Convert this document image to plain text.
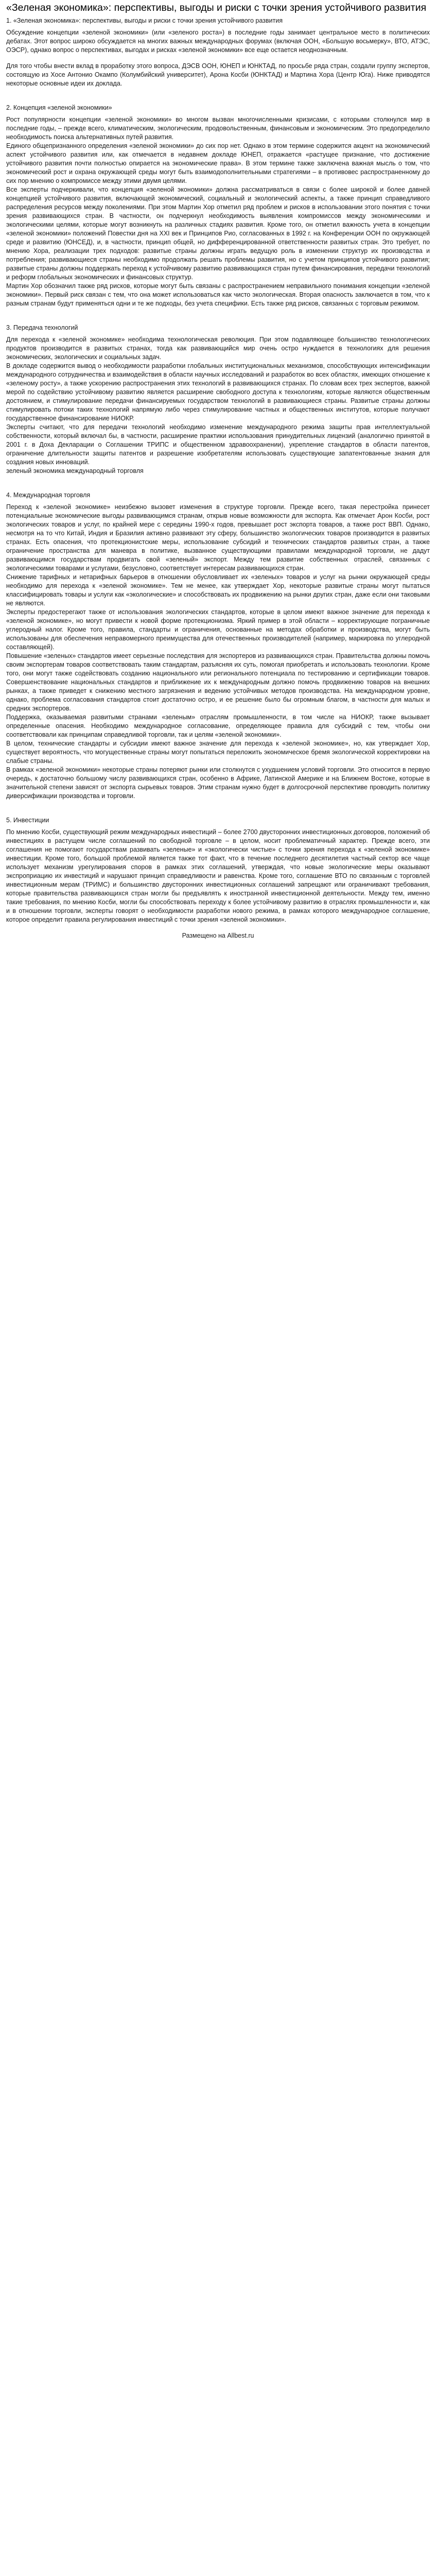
«Зеленая экономика»: перспективы, выгоды и риски с точки зрения устойчивого развития
1. «Зеленая экономика»: перспективы, выгоды и риски с точки зрения устойчивого развития

Обсуждение концепции «зеленой экономики» (или «зеленого роста») в последние годы занимает центральное место в политических дебатах. Этот вопрос широко обсуждается на многих важных международных форумах (включая ООН, «Большую восьмерку», ВТО, АТЭС, ОЭСР), однако вопрос о перспективах, выгодах и рисках «зеленой экономики» все еще остается неоднозначным.

Для того чтобы внести вклад в проработку этого вопроса, ДЭСВ ООН, ЮНЕП и ЮНКТАД, по просьбе ряда стран, создали группу экспертов, состоящую из Хосе Антонио Окампо (Колумбийский университет), Арона Косби (ЮНКТАД) и Мартина Хора (Центр Юга). Ниже приводятся некоторые основные идеи их доклада.

2. Концепция «зеленой экономики»

Рост популярности концепции «зеленой экономики» во многом вызван многочисленными кризисами, с которыми столкнулся мир в последние годы, – прежде всего, климатическим, экологическим, продовольственным, финансовым и экономическим. Это предопределило необходимость поиска альтернативных путей развития.

Единого общепризнанного определения «зеленой экономики» до сих пор нет. Однако в этом термине содержится акцент на экономический аспект устойчивого развития или, как отмечается в недавнем докладе ЮНЕП, отражается «растущее признание, что достижение устойчивого развития почти полностью опирается на экономические права». В этом термине также заключена важная мысль о том, что экономический рост и охрана окружающей среды могут быть взаимодополнительными стратегиями – в противовес распространенному до сих пор мнению о компромиссе между этими двумя целями.

Все эксперты подчеркивали, что концепция «зеленой экономики» должна рассматриваться в связи с более широкой и более давней концепцией устойчивого развития, включающей экономический, социальный и экологический аспекты, а также принцип справедливого распределения ресурсов между поколениями. При этом Мартин Хор отметил ряд проблем и рисков в использовании этого понятия с точки зрения развивающихся стран. В частности, он подчеркнул необходимость выявления компромиссов между экономическими и экологическими целями, которые могут возникнуть на различных стадиях развития. Кроме того, он отметил важность учета в концепции «зеленой экономики» положений Повестки дня на XXI век и Принципов Рио, согласованных в 1992 г. на Конференции ООН по окружающей среде и развитию (ЮНСЕД), и, в частности, принцип общей, но дифференцированной ответственности развитых стран. Это требует, по мнению Хора, реализации трех подходов: развитые страны должны играть ведущую роль в изменении структур их производства и потребления; развивающиеся страны необходимо продолжать решать проблемы развития, но с учетом принципов устойчивого развития; развитые страны должны поддержать переход к устойчивому развитию развивающихся стран путем финансирования, передачи технологий и реформ глобальных экономических и финансовых структур.

Мартин Хор обозначил также ряд рисков, которые могут быть связаны с распространением неправильного понимания концепции «зеленой экономики». Первый риск связан с тем, что она может использоваться как чисто экологическая. Вторая опасность заключается в том, что к разным странам будут применяться одни и те же подходы, без учета специфики. Есть также ряд рисков, связанных с торговым режимом.

3. Передача технологий

Для перехода к «зеленой экономике» необходима технологическая революция. При этом подавляющее большинство технологических продуктов производится в развитых странах, тогда как развивающийся мир очень остро нуждается в технологиях для решения экономических, экологических и социальных задач.

В докладе содержится вывод о необходимости разработки глобальных институциональных механизмов, способствующих интенсификации международного сотрудничества и взаимодействия в области научных исследований и разработок во всех областях, имеющих отношение к «зеленому росту», а также ускорению распространения этих технологий в развивающихся странах. По словам всех трех экспертов, важной мерой по содействию устойчивому развитию является расширение свободного доступа к технологиям, которые являются общественным достоянием, и стимулирование передачи финансируемых государством технологий в развивающиеся страны. Развитые страны должны стимулировать потоки таких технологий напрямую либо через стимулирование частных и общественных институтов, которые получают государственное финансирование НИОКР.

Эксперты считают, что для передачи технологий необходимо изменение международного режима защиты прав интеллектуальной собственности, который включал бы, в частности, расширение практики использования принудительных лицензий (аналогично принятой в 2001 г. в Доха Декларации о Соглашении ТРИПС и общественном здравоохранении), укрепление стандартов в области патентов, ограничение длительности защиты патентов и разрешение изобретателям использовать существующие запатентованные знания для создания новых инноваций.

зеленый экономика международный торговля

4. Международная торговля

Переход к «зеленой экономике» неизбежно вызовет изменения в структуре торговли. Прежде всего, такая перестройка принесет потенциальные экономические выгоды развивающимся странам, открыв новые возможности для экспорта. Как отмечает Арон Косби, рост экологических товаров и услуг, по крайней мере с середины 1990-х годов, превышает рост экспорта товаров, а также рост ВВП. Однако, несмотря на то что Китай, Индия и Бразилия активно развивают эту сферу, большинство экологических товаров производится в развитых странах. Есть опасения, что протекционистские меры, использование субсидий и технических стандартов развитых стран, а также ограничение пространства для маневра в политике, вызванное существующими правилами международной торговли, не дадут развивающимся государствам продвигать свой «зеленый» экспорт. Между тем развитие собственных отраслей, связанных с экологическими товарами и услугами, безусловно, соответствует интересам развивающихся стран.

Снижение тарифных и нетарифных барьеров в отношении обусловливает их «зеленых» товаров и услуг на рынки окружающей среды необходимо для перехода к «зеленой экономике». Тем не менее, как утверждает Хор, некоторые развитые страны могут пытаться классифицировать товары и услуги как «экологические» и способствовать их продвижению на рынки других стран, даже если они таковыми не являются.

Эксперты предостерегают также от использования экологических стандартов, которые в целом имеют важное значение для перехода к «зеленой экономике», но могут привести к новой форме протекционизма. Яркий пример в этой области – корректирующие пограничные углеродный налог. Кроме того, правила, стандарты и ограничения, основанные на методах обработки и производства, могут быть использованы для обеспечения неправомерного преимущества для отечественных производителей (например, маркировка по углеродной составляющей).

Повышение «зеленых» стандартов имеет серьезные последствия для экспортеров из развивающихся стран. Правительства должны помочь своим экспортерам товаров соответствовать таким стандартам, разъясняя их суть, помогая приобретать и использовать технологии. Кроме того, они могут также содействовать созданию национального или регионального потенциала по тестированию и сертификации товаров. Совершенствование национальных стандартов и приближение их к международным должно помочь продвижению товаров на внешних рынках, а также приведет к снижению местного загрязнения и ведению устойчивых методов производства. На международном уровне, однако, проблема согласования стандартов стоит достаточно остро, и ее решение было бы огромным благом, в частности для малых и средних экспортеров.

Поддержка, оказываемая развитыми странами «зеленым» отраслям промышленности, в том числе на НИОКР, также вызывает определенные опасения. Необходимо международное согласование, определяющее правила для субсидий с тем, чтобы они соответствовали как принципам справедливой торговли, так и целям «зеленой экономики».

В целом, технические стандарты и субсидии имеют важное значение для перехода к «зеленой экономике», но, как утверждает Хор, существует вероятность, что могущественные страны могут попытаться переложить экономическое бремя экологической корректировки на слабые страны.

В рамках «зеленой экономики» некоторые страны потеряют рынки или столкнутся с ухудшением условий торговли. Это относится в первую очередь, к достаточно большому числу развивающихся стран, особенно в Африке, Латинской Америке и на Ближнем Востоке, которые в значительной степени зависят от экспорта сырьевых товаров. Этим странам нужно будет в долгосрочной перспективе проводить политику диверсификации производства и торговли.

5. Инвестиции

По мнению Косби, существующий режим международных инвестиций – более 2700 двусторонних инвестиционных договоров, положений об инвестициях в растущем числе соглашений по свободной торговле – в целом, носит проблематичный характер. Прежде всего, эти соглашения не помогают государствам развивать «зеленые» и «экологически чистые» с точки зрения перехода к «зеленой экономике» инвестиции. Кроме того, большой проблемой является также тот факт, что в течение последнего десятилетия частный сектор все чаще использует механизм урегулирования споров в рамках этих соглашений, утверждая, что новые экологические меры оказывают экспроприацию их инвестиций и нарушают принцип справедливости и равенства. Кроме того, соглашение ВТО по связанным с торговлей инвестиционным мерам (ТРИМС) и большинство двусторонних инвестиционных соглашений запрещают или ограничивают требования, которые правительства развивающихся стран могли бы предъявлять к иностранной инвестиционной деятельности. Между тем, именно такие требования, по мнению Косби, могли бы способствовать переходу к более устойчивому развитию в отраслях промышленности и, как и в отношении торговли, эксперты говорят о необходимости разработки нового режима, в рамках которого международное соглашение, которое определит правила регулирования инвестиций с точки зрения «зеленой экономики».

Размещено на Allbest.ru
